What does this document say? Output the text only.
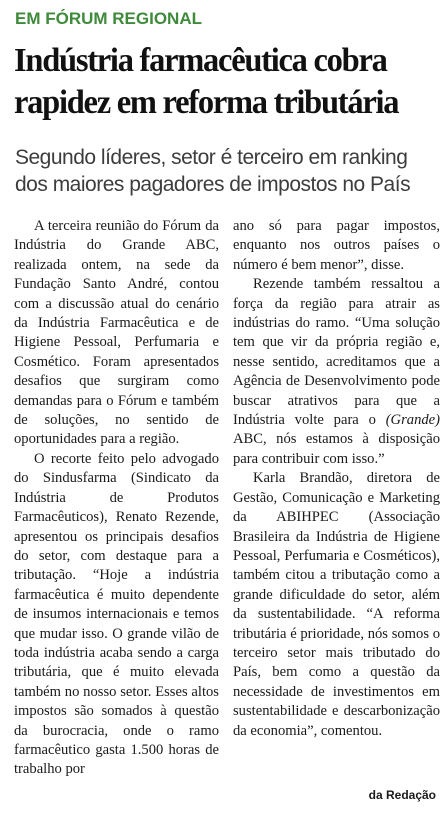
EM FÓRUM REGIONAL
Indústria farmacêutica cobra rapidez em reforma tributária
Segundo líderes, setor é terceiro em ranking dos maiores pagadores de impostos no País

A terceira reunião do Fórum da Indústria do Grande ABC, realizada ontem, na sede da Fundação Santo André, contou com a discussão atual do cenário da Indústria Farmacêutica e de Higiene Pessoal, Perfumaria e Cosmético. Foram apresentados desafios que surgiram como demandas para o Fórum e também de soluções, no sentido de oportunidades para a região.

O recorte feito pelo advogado do Sindusfarma (Sindicato da Indústria de Produtos Farmacêuticos), Renato Rezende, apresentou os principais desafios do setor, com destaque para a tributação. “Hoje a indústria farmacêutica é muito dependente de insumos internacionais e temos que mudar isso. O grande vilão de toda indústria acaba sendo a carga tributária, que é muito elevada também no nosso setor. Esses altos impostos são somados à questão da burocracia, onde o ramo farmacêutico gasta 1.500 horas de trabalho por

ano só para pagar impostos, enquanto nos outros países o número é bem menor”, disse.

Rezende também ressaltou a força da região para atrair as indústrias do ramo. “Uma solução tem que vir da própria região e, nesse sentido, acreditamos que a Agência de Desenvolvimento pode buscar atrativos para que a Indústria volte para o (Grande) ABC, nós estamos à disposição para contribuir com isso.”

Karla Brandão, diretora de Gestão, Comunicação e Marketing da ABIHPEC (Associação Brasileira da Indústria de Higiene Pessoal, Perfumaria e Cosméticos), também citou a tributação como a grande dificuldade do setor, além da sustentabilidade. “A reforma tributária é prioridade, nós somos o terceiro setor mais tributado do País, bem como a questão da necessidade de investimentos em sustentabilidade e descarbonização da economia”, comentou.

da Redação
